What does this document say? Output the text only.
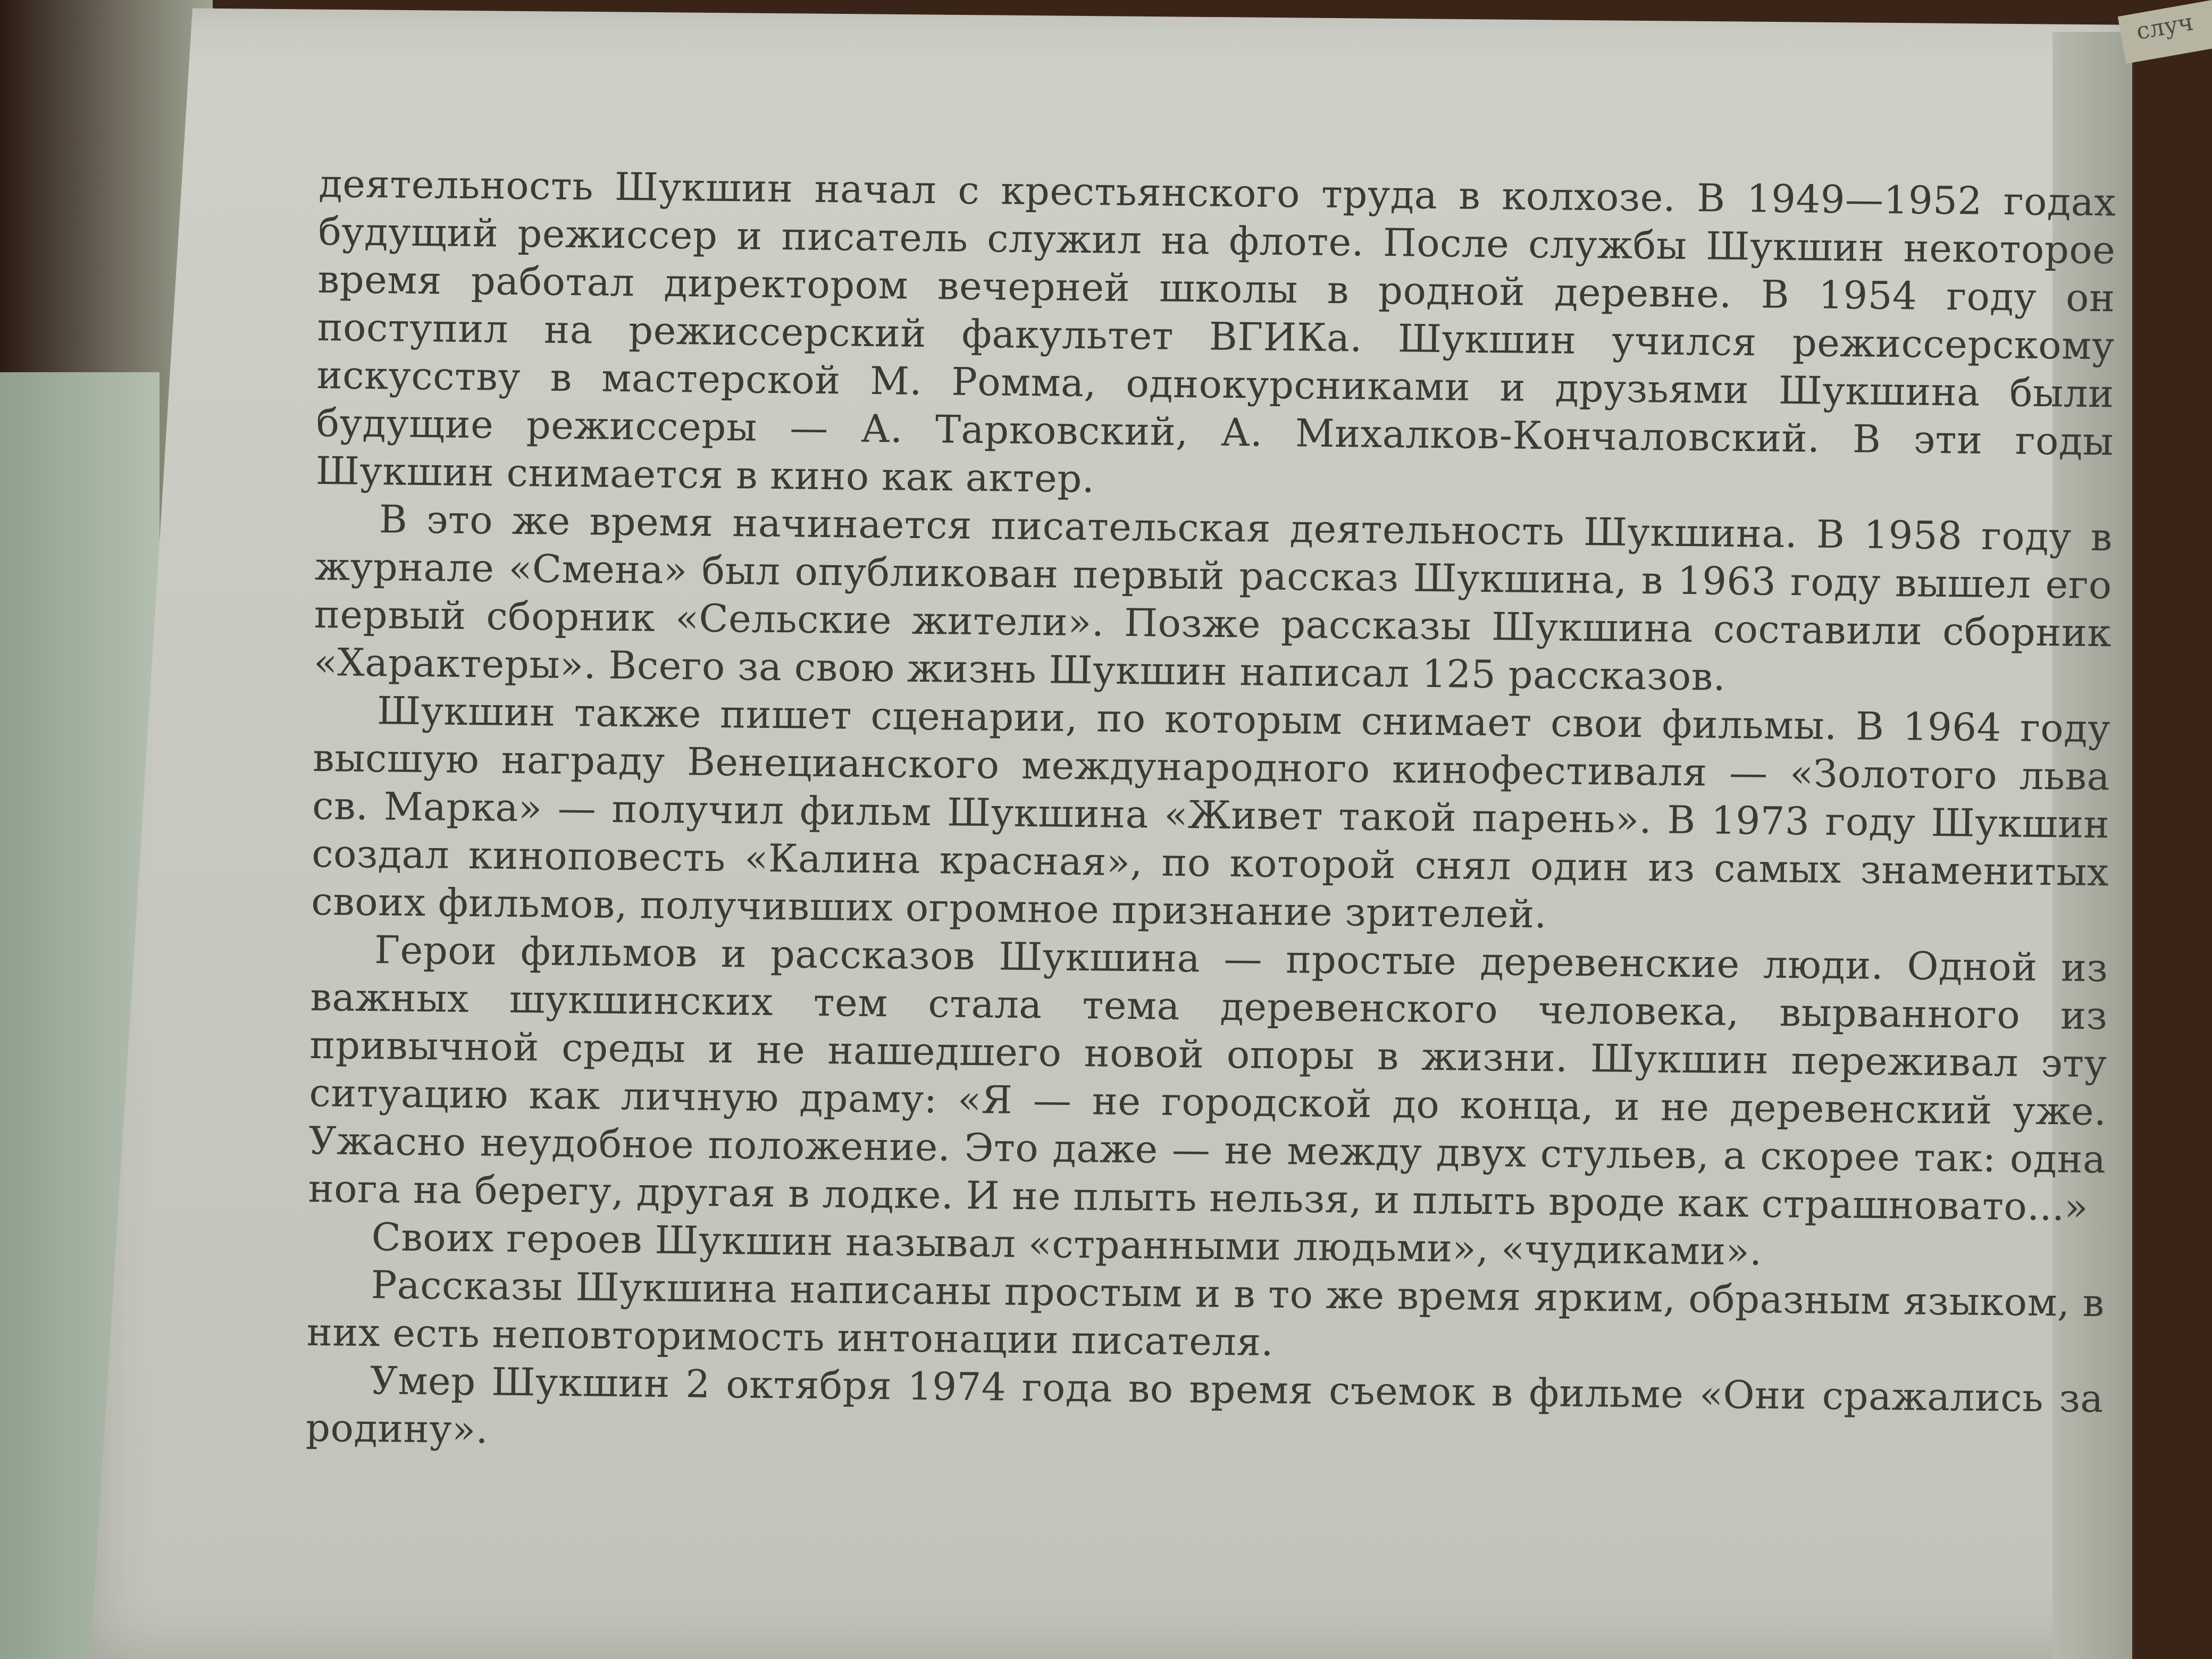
случ

деятельность Шукшин начал с крестьянского труда в колхозе. В 1949—1952 годах будущий режиссер и писатель служил на флоте. После службы Шукшин некоторое время работал директором вечерней школы в родной деревне. В 1954 году он поступил на режиссерский факультет ВГИКа. Шукшин учился режиссерскому искусству в мастерской М. Ромма, однокурсниками и друзьями Шукшина были будущие режиссеры — А. Тарковский, А. Михалков-Кончаловский. В эти годы Шукшин снимается в кино как актер.

В это же время начинается писательская деятельность Шукшина. В 1958 году в журнале «Смена» был опубликован первый рассказ Шукшина, в 1963 году вышел его первый сборник «Сельские жители». Позже рассказы Шукшина составили сборник «Характеры». Всего за свою жизнь Шукшин написал 125 рассказов.

Шукшин также пишет сценарии, по которым снимает свои фильмы. В 1964 году высшую награду Венецианского международного кинофестиваля — «Золотого льва св. Марка» — получил фильм Шукшина «Живет такой парень». В 1973 году Шукшин создал киноповесть «Калина красная», по которой снял один из самых знаменитых своих фильмов, получивших огромное признание зрителей.

Герои фильмов и рассказов Шукшина — простые деревенские люди. Одной из важных шукшинских тем стала тема деревенского человека, вырванного из привычной среды и не нашедшего новой опоры в жизни. Шукшин переживал эту ситуацию как личную драму: «Я — не городской до конца, и не деревенский уже. Ужасно неудобное положение. Это даже — не между двух стульев, а скорее так: одна нога на берегу, другая в лодке. И не плыть нельзя, и плыть вроде как страшновато...»

Своих героев Шукшин называл «странными людьми», «чудиками».

Рассказы Шукшина написаны простым и в то же время ярким, образным языком, в них есть неповторимость интонации писателя.

Умер Шукшин 2 октября 1974 года во время съемок в фильме «Они сражались за родину».
